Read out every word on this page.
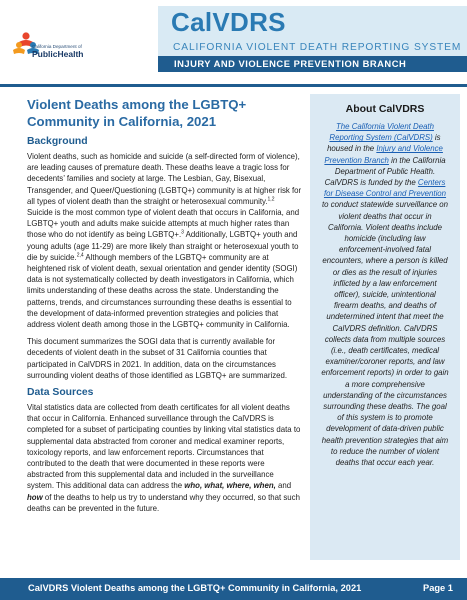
California Department of
PublicHealth
CalVDRS
CALIFORNIA VIOLENT DEATH REPORTING SYSTEM
INJURY AND VIOLENCE PREVENTION BRANCH
Violent Deaths among the LGBTQ+
Community in California, 2021
Background

Violent deaths, such as homicide and suicide (a self-directed form of violence), are leading causes of premature death. These deaths leave a tragic loss for decedents’ families and society at large. The Lesbian, Gay, Bisexual, Transgender, and Queer/Questioning (LGBTQ+) community is at higher risk for all types of violent death than the straight or heterosexual community.$^{1,2}$ Suicide is the most common type of violent death that occurs in California, and LGBTQ+ youth and adults make suicide attempts at much higher rates than those who do not identify as being LGBTQ+.$^3$ Additionally, LGBTQ+ youth and young adults (age 11-29) are more likely than straight or heterosexual youth to die by suicide.$^{2,4}$ Although members of the LGBTQ+ community are at heightened risk of violent death, sexual orientation and gender identity (SOGI) data is not systematically collected by death investigators in California, which limits understanding of these deaths across the state. Understanding the patterns, trends, and circumstances surrounding these deaths is essential to the development of data-informed prevention strategies and policies that address violent death among those in the LGBTQ+ community in California.

This document summarizes the SOGI data that is currently available for decedents of violent death in the subset of 31 California counties that participated in CalVDRS in 2021. In addition, data on the circumstances surrounding violent deaths of those identified as LGBTQ+ are summarized.

Data Sources

Vital statistics data are collected from death certificates for all violent deaths that occur in California. Enhanced surveillance through the CalVDRS is completed for a subset of participating counties by linking vital statistics data to supplemental data abstracted from coroner and medical examiner reports, toxicology reports, and law enforcement reports. Circumstances that contributed to the death that were documented in these reports were abstracted from this supplemental data and included in the surveillance system. This additional data can address the who, what, where, when, and how of the deaths to help us try to understand why they occurred, so that such deaths can be prevented in the future.

About CalVDRS
The California Violent Death Reporting System (CalVDRS) is housed in the Injury and Violence Prevention Branch in the California Department of Public Health. CalVDRS is funded by the Centers for Disease Control and Prevention to conduct statewide surveillance on violent deaths that occur in California. Violent deaths include homicide (including law enforcement-involved fatal encounters, where a person is killed or dies as the result of injuries inflicted by a law enforcement officer), suicide, unintentional firearm deaths, and deaths of undetermined intent that meet the CalVDRS definition. CalVDRS collects data from multiple sources (i.e., death certificates, medical examiner/coroner reports, and law enforcement reports) in order to gain a more comprehensive understanding of the circumstances surrounding these deaths. The goal of this system is to promote development of data-driven public health prevention strategies that aim to reduce the number of violent deaths that occur each year.
CalVDRS Violent Deaths among the LGBTQ+ Community in California, 2021	Page 1
